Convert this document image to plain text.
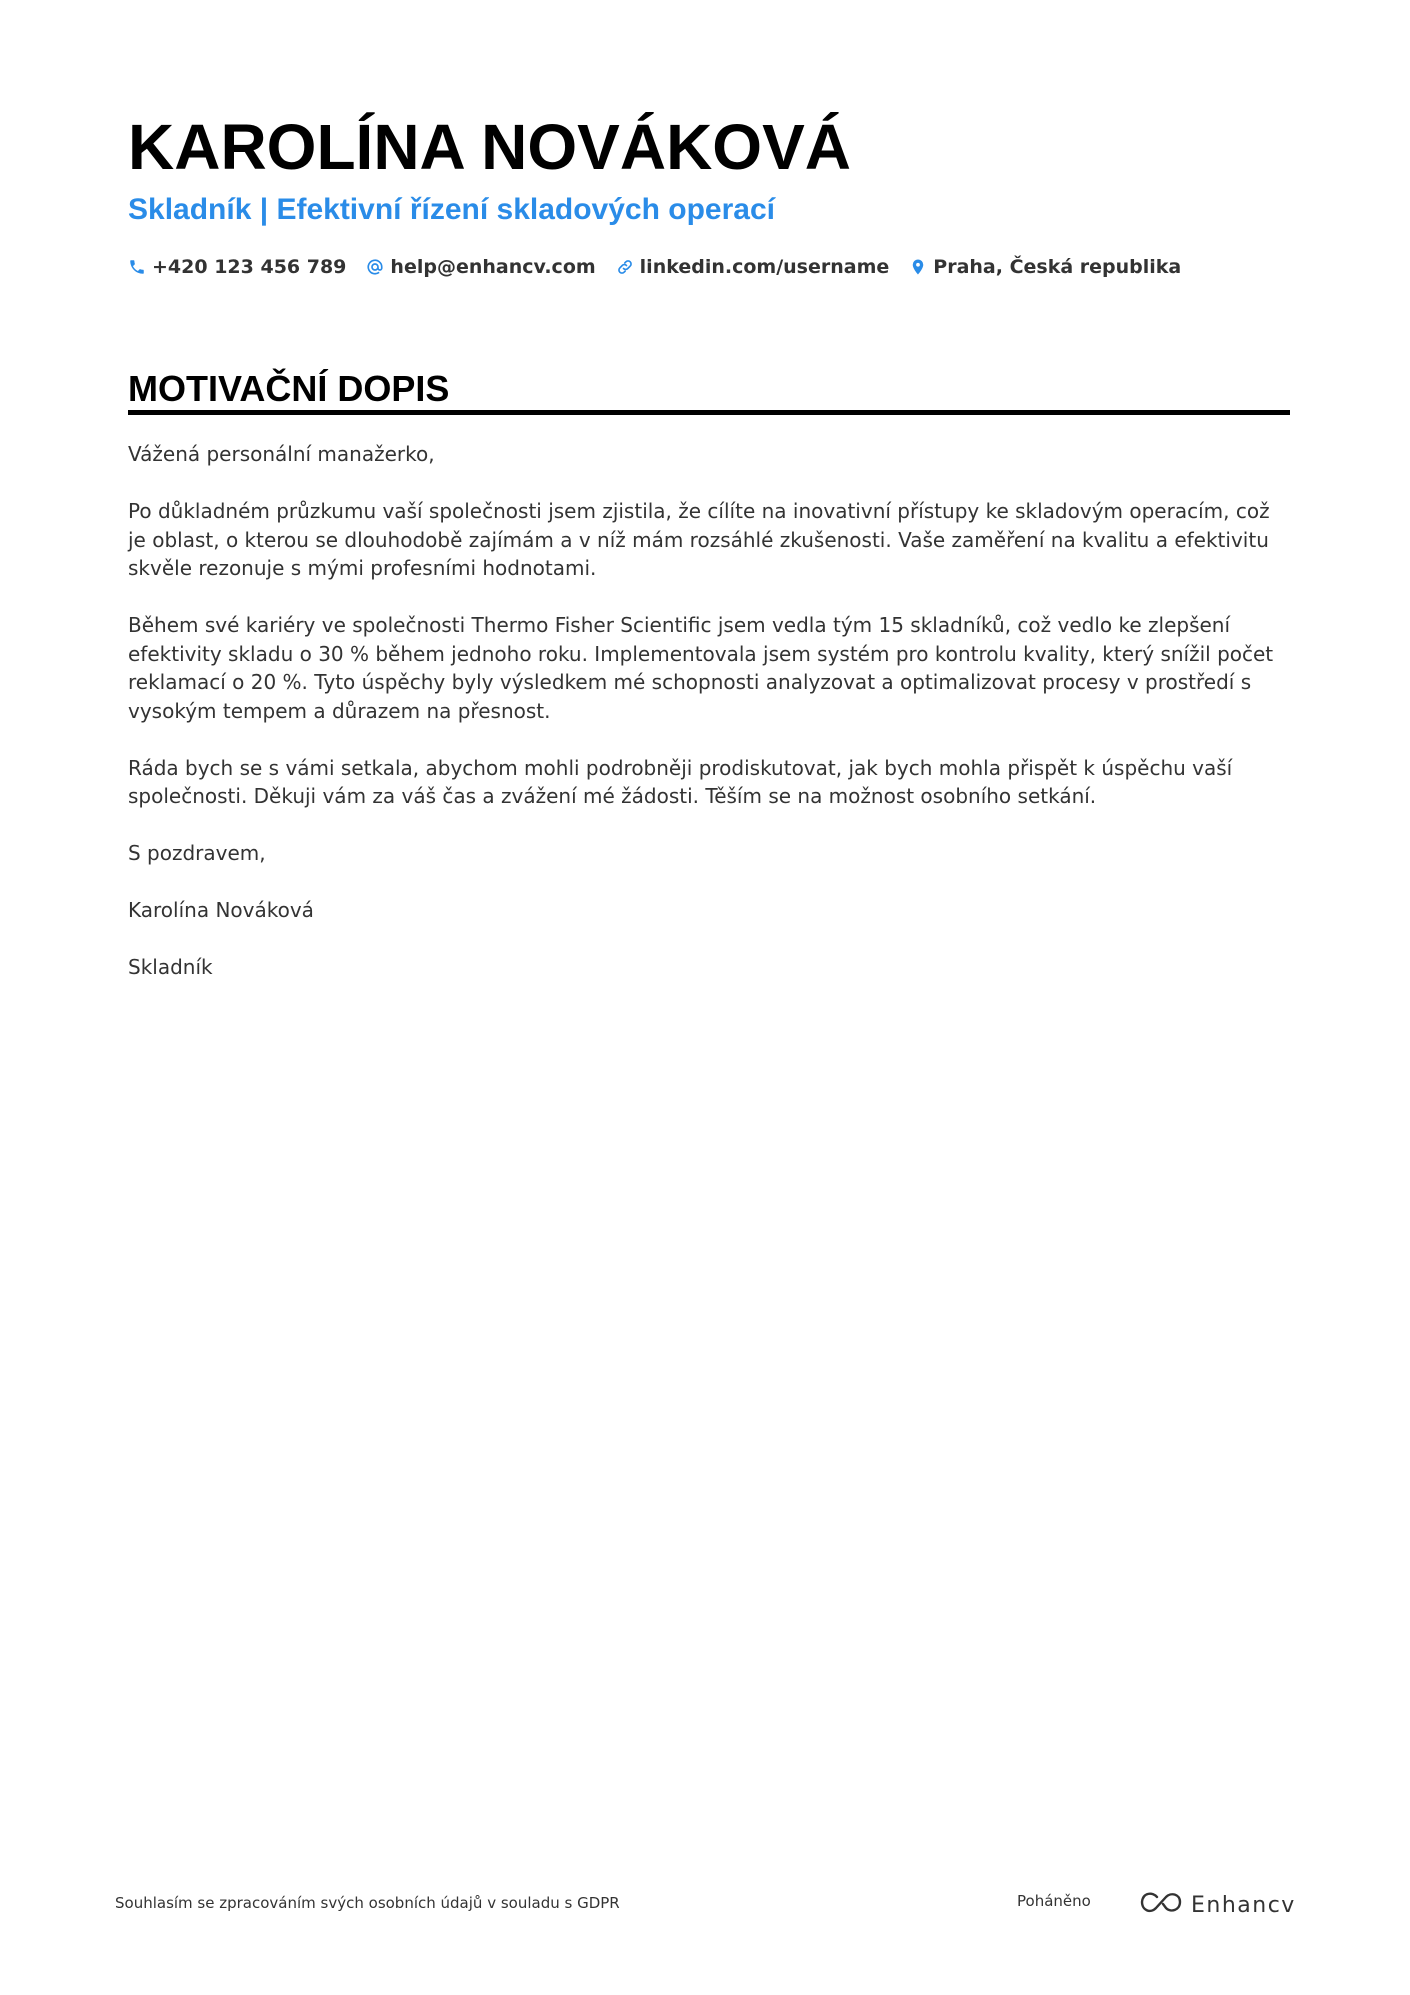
KAROLÍNA NOVÁKOVÁ
Skladník | Efektivní řízení skladových operací
+420 123 456 789 help@enhancv.com linkedin.com/username Praha, Česká republika
MOTIVAČNÍ DOPIS

Vážená personální manažerko,

Po důkladném průzkumu vaší společnosti jsem zjistila, že cílíte na inovativní přístupy ke skladovým operacím, což je oblast, o kterou se dlouhodobě zajímám a v níž mám rozsáhlé zkušenosti. Vaše zaměření na kvalitu a efektivitu skvěle rezonuje s mými profesními hodnotami.

Během své kariéry ve společnosti Thermo Fisher Scientific jsem vedla tým 15 skladníků, což vedlo ke zlepšení efektivity skladu o 30 % během jednoho roku. Implementovala jsem systém pro kontrolu kvality, který snížil počet reklamací o 20 %. Tyto úspěchy byly výsledkem mé schopnosti analyzovat a optimalizovat procesy v prostředí s vysokým tempem a důrazem na přesnost.

Ráda bych se s vámi setkala, abychom mohli podrobněji prodiskutovat, jak bych mohla přispět k úspěchu vaší společnosti. Děkuji vám za váš čas a zvážení mé žádosti. Těším se na možnost osobního setkání.

S pozdravem,

Karolína Nováková

Skladník

Souhlasím se zpracováním svých osobních údajů v souladu s GDPR	Poháněno	Enhancv
